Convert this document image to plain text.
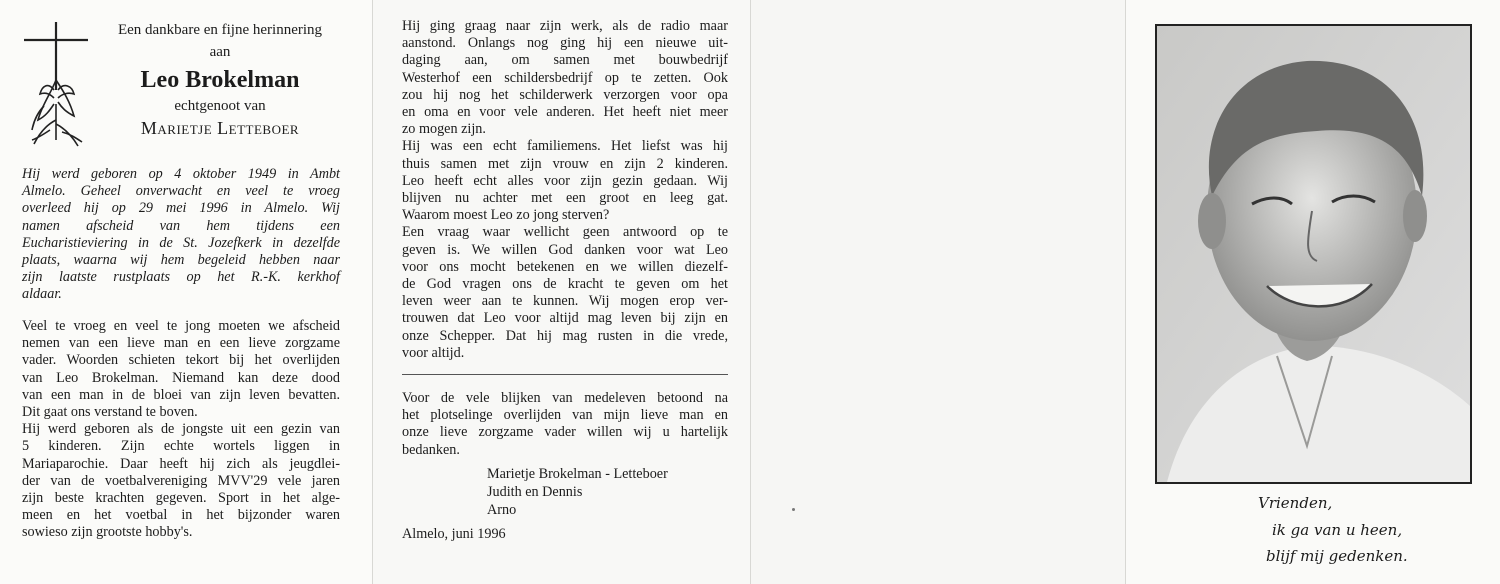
Een dankbare en fijne herinnering
aan
Leo Brokelman
echtgenoot van
Marietje Letteboer

Hij werd geboren op 4 oktober 1949 in Ambt
Almelo. Geheel onverwacht en veel te vroeg
overleed hij op 29 mei 1996 in Almelo. Wij
namen afscheid van hem tijdens een
Eucharistieviering in de St. Jozefkerk in dezelfde
plaats, waarna wij hem begeleid hebben naar
zijn laatste rustplaats op het R.-K. kerkhof
aldaar.

Veel te vroeg en veel te jong moeten we afscheid
nemen van een lieve man en een lieve zorgzame
vader. Woorden schieten tekort bij het overlijden
van Leo Brokelman. Niemand kan deze dood
van een man in de bloei van zijn leven bevatten.
Dit gaat ons verstand te boven.
Hij werd geboren als de jongste uit een gezin van
5 kinderen. Zijn echte wortels liggen in
Mariaparochie. Daar heeft hij zich als jeugdlei-
der van de voetbalvereniging MVV'29 vele jaren
zijn beste krachten gegeven. Sport in het alge-
meen en het voetbal in het bijzonder waren
sowieso zijn grootste hobby's.

Hij ging graag naar zijn werk, als de radio maar
aanstond. Onlangs nog ging hij een nieuwe uit-
daging aan, om samen met bouwbedrijf
Westerhof een schildersbedrijf op te zetten. Ook
zou hij nog het schilderwerk verzorgen voor opa
en oma en voor vele anderen. Het heeft niet meer
zo mogen zijn.
Hij was een echt familiemens. Het liefst was hij
thuis samen met zijn vrouw en zijn 2 kinderen.
Leo heeft echt alles voor zijn gezin gedaan. Wij
blijven nu achter met een groot en leeg gat.
Waarom moest Leo zo jong sterven?
Een vraag waar wellicht geen antwoord op te
geven is. We willen God danken voor wat Leo
voor ons mocht betekenen en we willen diezelf-
de God vragen ons de kracht te geven om het
leven weer aan te kunnen. Wij mogen erop ver-
trouwen dat Leo voor altijd mag leven bij zijn en
onze Schepper. Dat hij mag rusten in die vrede,
voor altijd.

Voor de vele blijken van medeleven betoond na
het plotselinge overlijden van mijn lieve man en
onze lieve zorgzame vader willen wij u hartelijk
bedanken.

Marietje Brokelman - Letteboer
Judith en Dennis
Arno
Almelo, juni 1996
Vrienden,
ik ga van u heen,
blijf mij gedenken.
